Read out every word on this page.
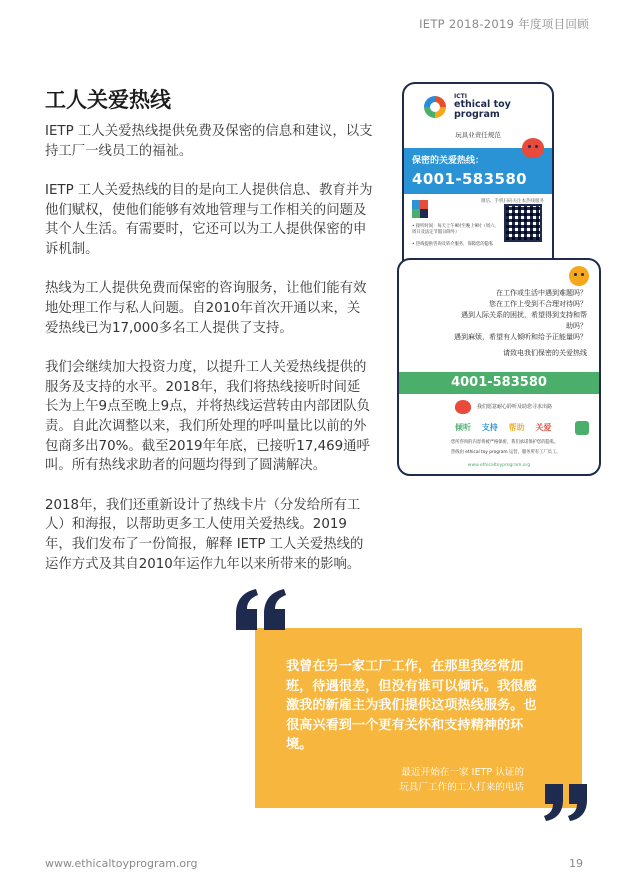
IETP 2018-2019 年度项目回顾
工人关爱热线

IETP 工人关爱热线提供免费及保密的信息和建议，以支持工厂一线员工的福祉。

IETP 工人关爱热线的目的是向工人提供信息、教育并为他们赋权，使他们能够有效地管理与工作相关的问题及其个人生活。有需要时，它还可以为工人提供保密的申诉机制。

热线为工人提供免费而保密的咨询服务，让他们能有效地处理工作与私人问题。自2010年首次开通以来，关爱热线已为17,000多名工人提供了支持。

我们会继续加大投资力度，以提升工人关爱热线提供的服务及支持的水平。2018年，我们将热线接听时间延长为上午9点至晚上9点，并将热线运营转由内部团队负责。自此次调整以来，我们所处理的呼叫量比以前的外包商多出70%。截至2019年年底，已接听17,469通呼叫。所有热线求助者的问题均得到了圆满解决。

2018年，我们还重新设计了热线卡片（分发给所有工人）和海报，以帮助更多工人使用关爱热线。2019年，我们发布了一份简报，解释 IETP 工人关爱热线的运作方式及其自2010年运作九年以来所带来的影响。

ICTI
ethical toy program
玩具业责任规范
保密的关爱热线：
4001-583580
微信、手机扫码关注本热线服务
• 接听时间：每天上午9时至晚上9时（周六、周日及法定节假日除外）
• 热线提供咨询及转介服务，保障您的隐私
在工作或生活中遇到难题吗？
您在工作上受到不合理对待吗？
遇到人际关系的困扰，希望得到支持和帮助吗？
遇到麻烦，希望有人倾听和给予正能量吗？
请致电我们保密的关爱热线
4001-583580
我们愿意耐心聆听及助您寻求出路
倾听 支持 帮助 关爱
您所咨询的内容将被严格保密，我们承诺保护您的隐私。
热线由 ethical toy program 运营，服务所有工厂员工。
www.ethicaltoyprogram.org

我曾在另一家工厂工作，在那里我经常加班，待遇很差，但没有谁可以倾诉。我很感激我的新雇主为我们提供这项热线服务。也很高兴看到一个更有关怀和支持精神的环境。

最近开始在一家 IETP 认证的
玩具厂工作的工人打来的电话

www.ethicaltoyprogram.org	19
